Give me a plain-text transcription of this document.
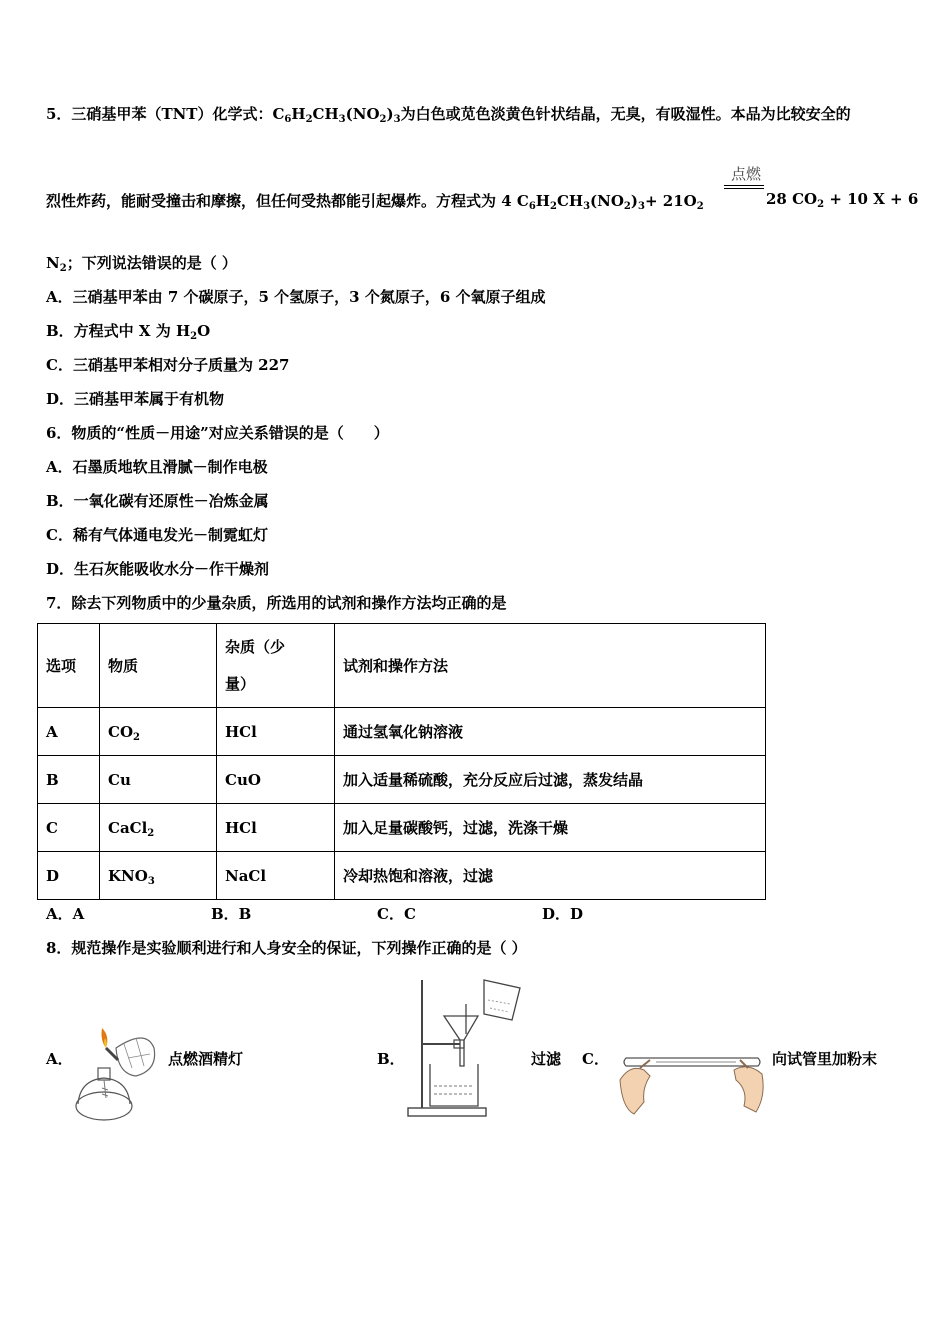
5．三硝基甲苯（TNT）化学式：$C_6H_2CH_3(NO_2)_3$为白色或苋色淡黄色针状结晶，无臭，有吸湿性。本品为比较安全的
点燃
烈性炸药，能耐受撞击和摩擦，但任何受热都能引起爆炸。方程式为 4 $C_6H_2CH_3(NO_2)_3+ 21O_2$	28 $CO_2 + 10$ X + 6
$N_2$；下列说法错误的是（ ）
A．三硝基甲苯由 7 个碳原子，5 个氢原子，3 个氮原子，6 个氧原子组成
B．方程式中 X 为 $H_2O$
C．三硝基甲苯相对分子质量为 227
D．三硝基甲苯属于有机物
6．物质的“性质－用途”对应关系错误的是（　　）
A．石墨质地软且滑腻－制作电极
B．一氧化碳有还原性－冶炼金属
C．稀有气体通电发光－制霓虹灯
D．生石灰能吸收水分－作干燥剂
7．除去下列物质中的少量杂质，所选用的试剂和操作方法均正确的是
选项	物质	杂质（少
量）	试剂和操作方法
A	$CO_2$	HCl	通过氢氧化钠溶液
B	Cu	CuO	加入适量稀硫酸，充分反应后过滤，蒸发结晶
C	CaCl$_2$	HCl	加入足量碳酸钙，过滤，洗涤干燥
D	$KNO_3$	NaCl	冷却热饱和溶液，过滤
A．A	B．B	C．C	D．D
8．规范操作是实验顺利进行和人身安全的保证，下列操作正确的是（ ）
A．	点燃酒精灯	B．	过滤 C．	向试管里加粉末
